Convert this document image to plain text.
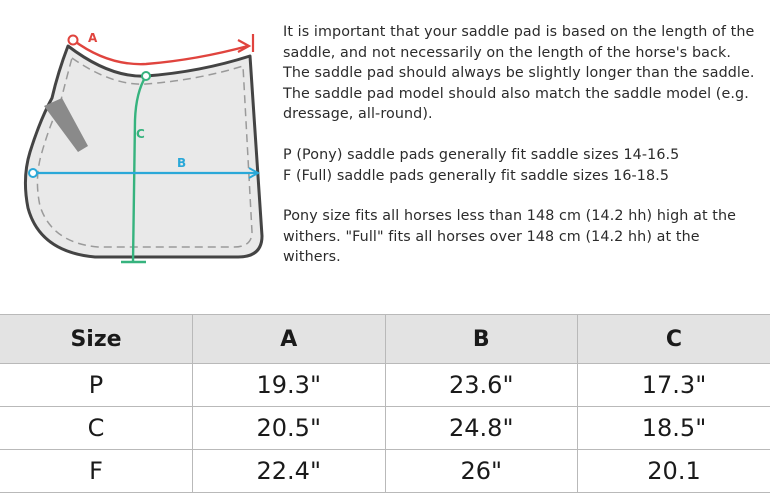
A
C
B

It is important that your saddle pad is based on the length of the saddle, and not necessarily on the length of the horse's back. The saddle pad should always be slightly longer than the saddle. The saddle pad model should also match the saddle model (e.g. dressage, all-round).

P (Pony) saddle pads generally fit saddle sizes 14-16.5
F (Full) saddle pads generally fit saddle sizes 16-18.5

Pony size fits all horses less than 148 cm (14.2 hh) high at the withers. "Full" fits all horses over 148 cm (14.2 hh) at the withers.

Size	A	B	C
P	19.3"	23.6"	17.3"
C	20.5"	24.8"	18.5"
F	22.4"	26"	20.1
